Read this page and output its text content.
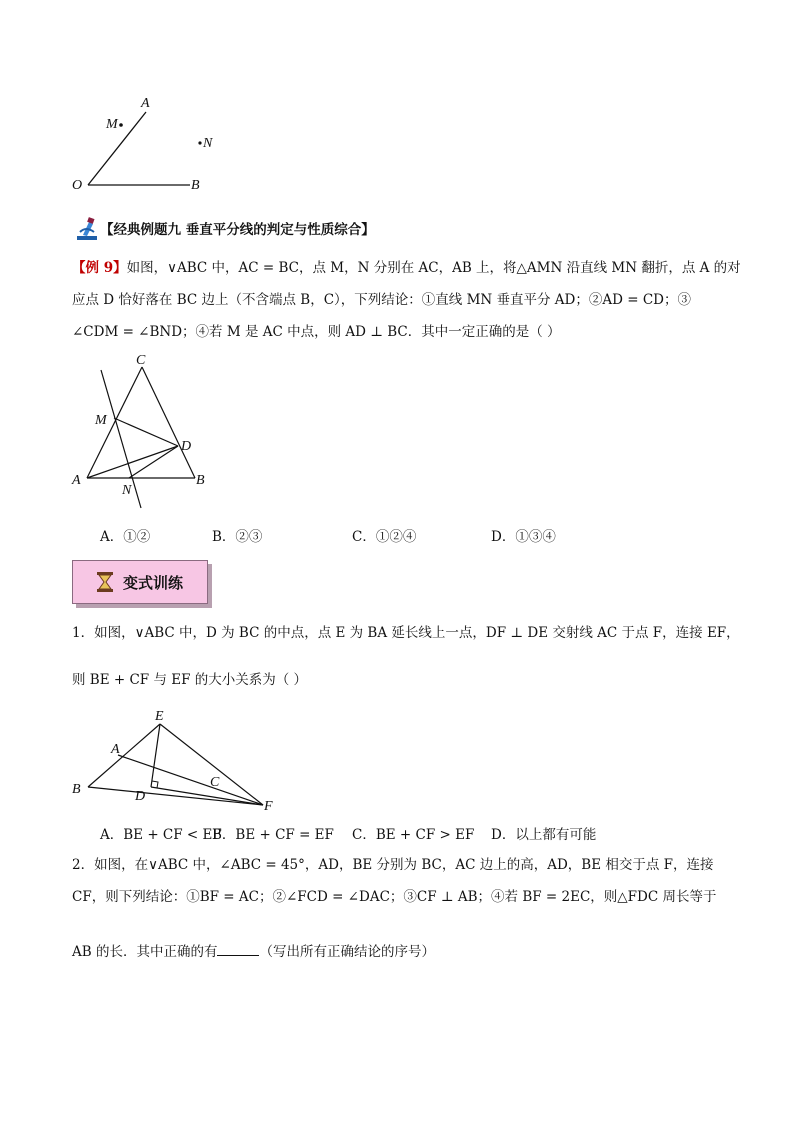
A
M
N
O	B
【经典例题九 垂直平分线的判定与性质综合】
【例 9】如图，∨ABC 中，AC = BC，点 M，N 分别在 AC，AB 上，将△AMN 沿直线 MN 翻折，点 A 的对
应点 D 恰好落在 BC 边上（不含端点 B，C），下列结论：①直线 MN 垂直平分 AD；②AD = CD；③
∠CDM = ∠BND；④若 M 是 AC 中点，则 AD ⊥ BC．其中一定正确的是（ ）
C
M
D
A
N
B
A．①②	B．②③	C．①②④	D．①③④
变式训练
1．如图，∨ABC 中，D 为 BC 的中点，点 E 为 BA 延长线上一点，DF ⊥ DE 交射线 AC 于点 F，连接 EF，
则 BE + CF 与 EF 的大小关系为（ ）
E
A
C
B	D
F
A．BE + CF < EF
B．BE + CF = EF C．BE + CF > EF D．以上都有可能
2．如图，在∨ABC 中，∠ABC = 45°，AD，BE 分别为 BC，AC 边上的高，AD，BE 相交于点 F，连接
CF，则下列结论：①BF = AC；②∠FCD = ∠DAC；③CF ⊥ AB；④若 BF = 2EC，则△FDC 周长等于
AB 的长．其中正确的有	（写出所有正确结论的序号）
